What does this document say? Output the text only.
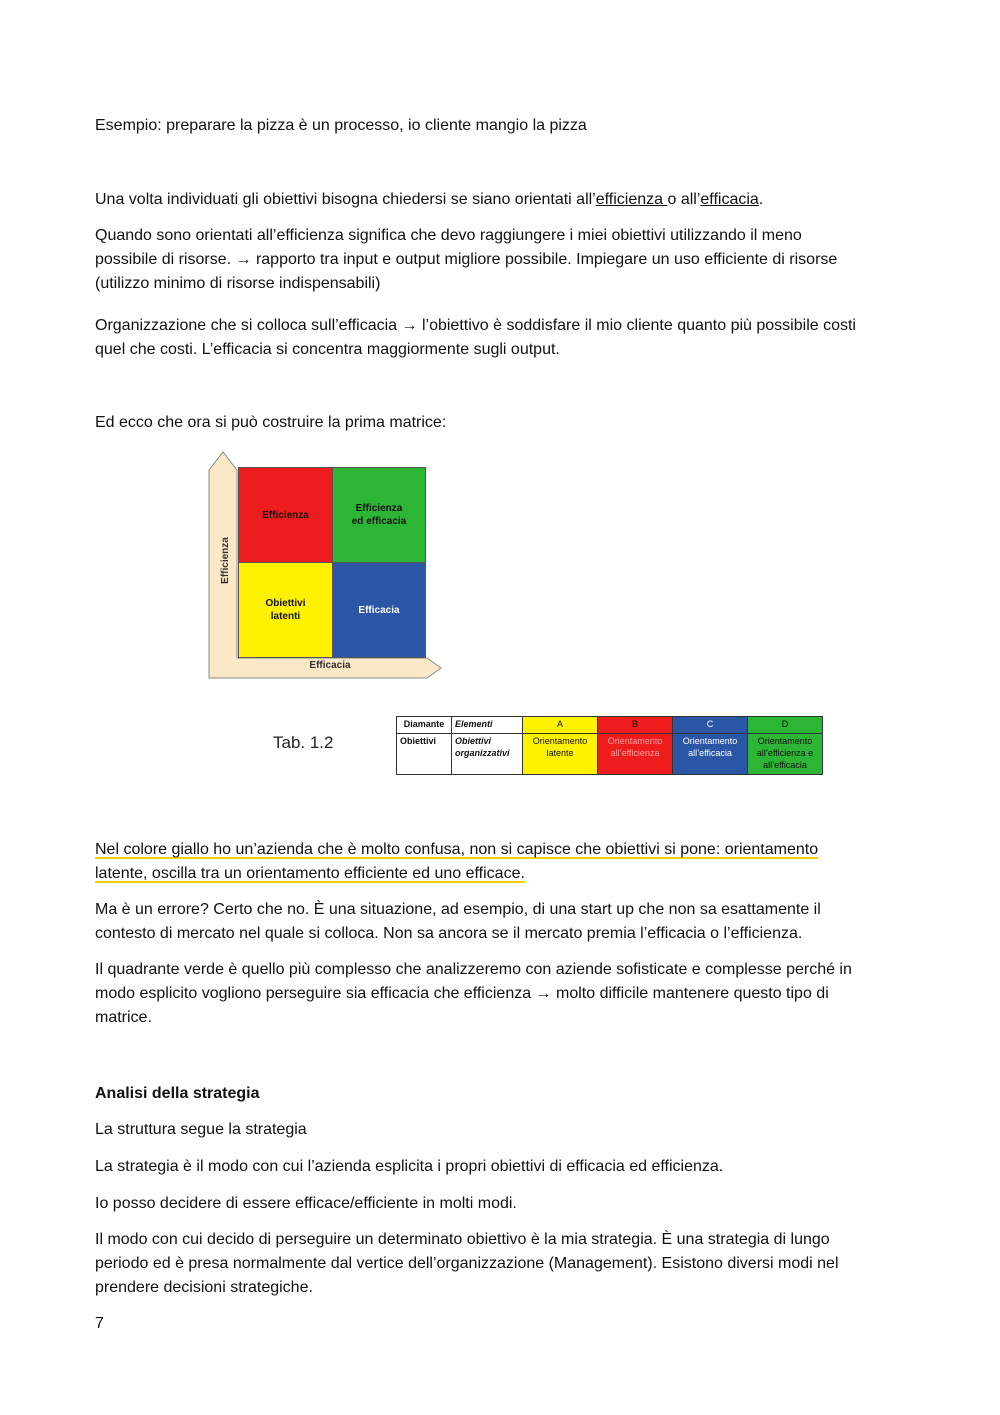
Esempio: preparare la pizza è un processo, io cliente mangio la pizza

Una volta individuati gli obiettivi bisogna chiedersi se siano orientati all’efficienza o all’efficacia.

Quando sono orientati all’efficienza significa che devo raggiungere i miei obiettivi utilizzando il meno
possibile di risorse. → rapporto tra input e output migliore possibile. Impiegare un uso efficiente di risorse
(utilizzo minimo di risorse indispensabili)

Organizzazione che si colloca sull’efficacia → l’obiettivo è soddisfare il mio cliente quanto più possibile costi
quel che costi. L’efficacia si concentra maggiormente sugli output.

Ed ecco che ora si può costruire la prima matrice:

Efficienza
Efficienza
ed efficacia
Obiettivi
latenti
Efficacia
Efficienza
Efficacia
Tab. 1.2
Diamante	Elementi	A	B	C	D
Obiettivi	Obiettivi organizzativi	Orientamento latente	Orientamento all’efficienza	Orientamento all’efficacia	Orientamento all’efficienza e all’efficacia

Nel colore giallo ho un’azienda che è molto confusa, non si capisce che obiettivi si pone: orientamento
latente, oscilla tra un orientamento efficiente ed uno efficace.

Ma è un errore? Certo che no. È una situazione, ad esempio, di una start up che non sa esattamente il
contesto di mercato nel quale si colloca. Non sa ancora se il mercato premia l’efficacia o l’efficienza.

Il quadrante verde è quello più complesso che analizzeremo con aziende sofisticate e complesse perché in
modo esplicito vogliono perseguire sia efficacia che efficienza → molto difficile mantenere questo tipo di
matrice.

Analisi della strategia

La struttura segue la strategia

La strategia è il modo con cui l’azienda esplicita i propri obiettivi di efficacia ed efficienza.

Io posso decidere di essere efficace/efficiente in molti modi.

Il modo con cui decido di perseguire un determinato obiettivo è la mia strategia. È una strategia di lungo
periodo ed è presa normalmente dal vertice dell’organizzazione (Management). Esistono diversi modi nel
prendere decisioni strategiche.

7
